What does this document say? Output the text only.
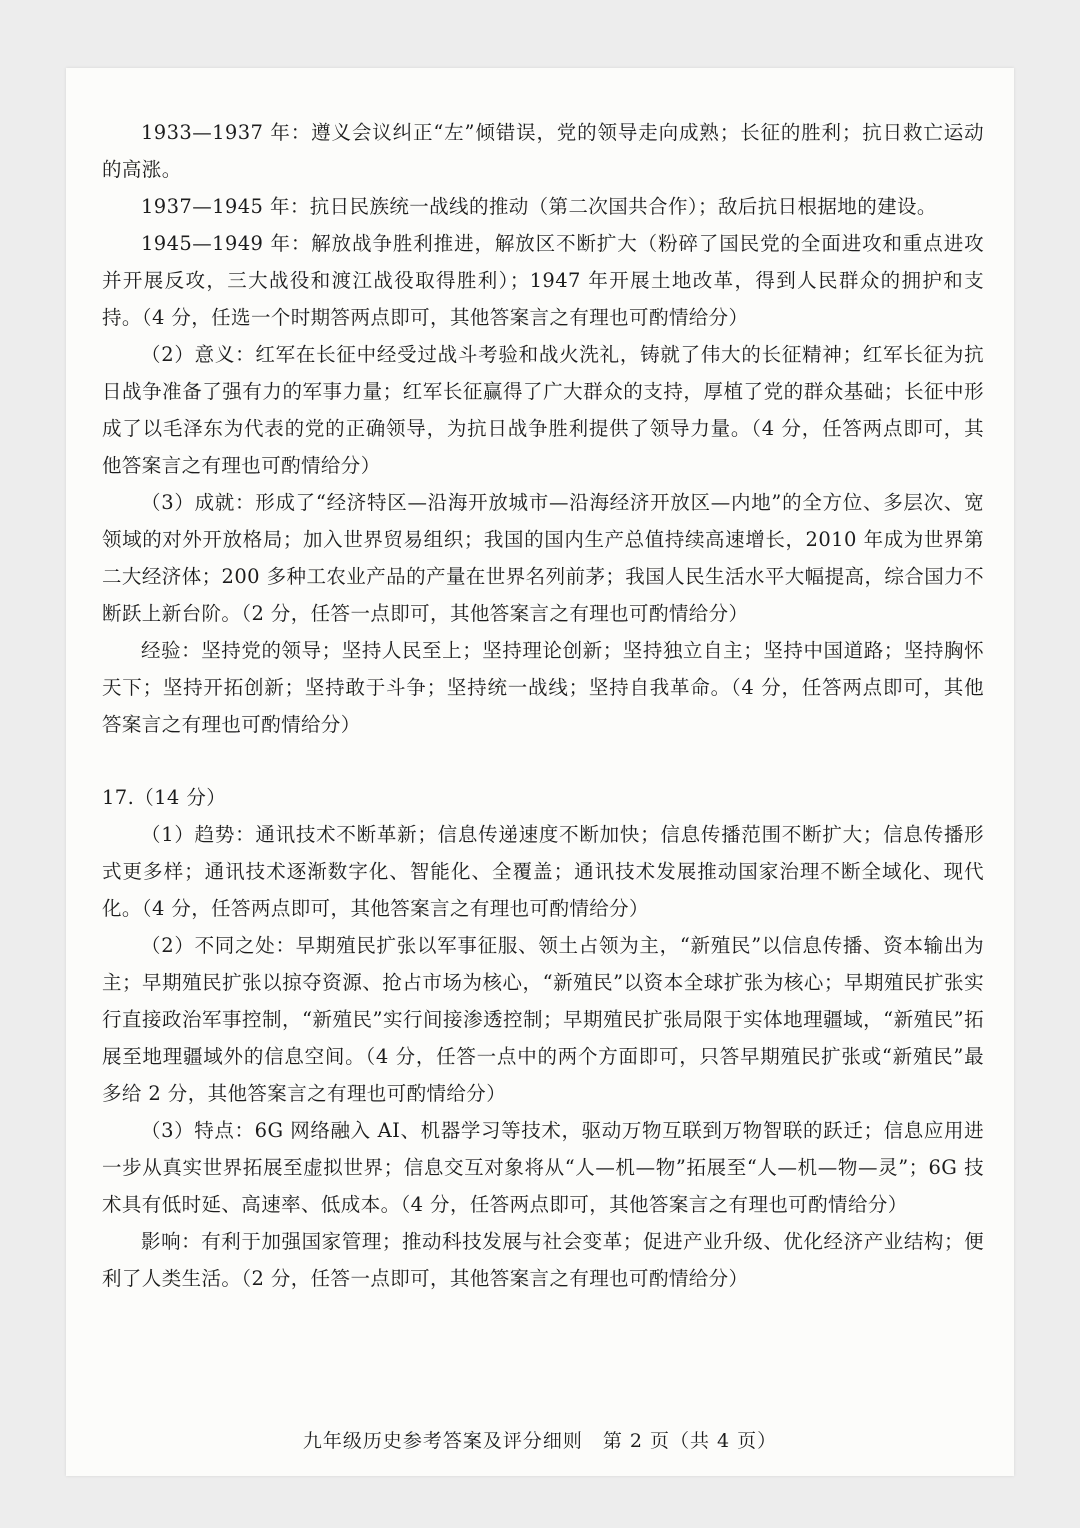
1933—1937 年：遵义会议纠正“左”倾错误，党的领导走向成熟；长征的胜利；抗日救亡运动的高涨。

1937—1945 年：抗日民族统一战线的推动（第二次国共合作）；敌后抗日根据地的建设。

1945—1949 年：解放战争胜利推进，解放区不断扩大（粉碎了国民党的全面进攻和重点进攻并开展反攻，三大战役和渡江战役取得胜利）；1947 年开展土地改革，得到人民群众的拥护和支持。（4 分，任选一个时期答两点即可，其他答案言之有理也可酌情给分）

（2）意义：红军在长征中经受过战斗考验和战火洗礼，铸就了伟大的长征精神；红军长征为抗日战争准备了强有力的军事力量；红军长征赢得了广大群众的支持，厚植了党的群众基础；长征中形成了以毛泽东为代表的党的正确领导，为抗日战争胜利提供了领导力量。（4 分，任答两点即可，其他答案言之有理也可酌情给分）

（3）成就：形成了“经济特区—沿海开放城市—沿海经济开放区—内地”的全方位、多层次、宽领域的对外开放格局；加入世界贸易组织；我国的国内生产总值持续高速增长，2010 年成为世界第二大经济体；200 多种工农业产品的产量在世界名列前茅；我国人民生活水平大幅提高，综合国力不断跃上新台阶。（2 分，任答一点即可，其他答案言之有理也可酌情给分）

经验：坚持党的领导；坚持人民至上；坚持理论创新；坚持独立自主；坚持中国道路；坚持胸怀天下；坚持开拓创新；坚持敢于斗争；坚持统一战线；坚持自我革命。（4 分，任答两点即可，其他答案言之有理也可酌情给分）

17.（14 分）

（1）趋势：通讯技术不断革新；信息传递速度不断加快；信息传播范围不断扩大；信息传播形式更多样；通讯技术逐渐数字化、智能化、全覆盖；通讯技术发展推动国家治理不断全域化、现代化。（4 分，任答两点即可，其他答案言之有理也可酌情给分）

（2）不同之处：早期殖民扩张以军事征服、领土占领为主，“新殖民”以信息传播、资本输出为主；早期殖民扩张以掠夺资源、抢占市场为核心，“新殖民”以资本全球扩张为核心；早期殖民扩张实行直接政治军事控制，“新殖民”实行间接渗透控制；早期殖民扩张局限于实体地理疆域，“新殖民”拓展至地理疆域外的信息空间。（4 分，任答一点中的两个方面即可，只答早期殖民扩张或“新殖民”最多给 2 分，其他答案言之有理也可酌情给分）

（3）特点：6G 网络融入 AI、机器学习等技术，驱动万物互联到万物智联的跃迁；信息应用进一步从真实世界拓展至虚拟世界；信息交互对象将从“人—机—物”拓展至“人—机—物—灵”；6G 技术具有低时延、高速率、低成本。（4 分，任答两点即可，其他答案言之有理也可酌情给分）

影响：有利于加强国家管理；推动科技发展与社会变革；促进产业升级、优化经济产业结构；便利了人类生活。（2 分，任答一点即可，其他答案言之有理也可酌情给分）

九年级历史参考答案及评分细则　第 2 页（共 4 页）
